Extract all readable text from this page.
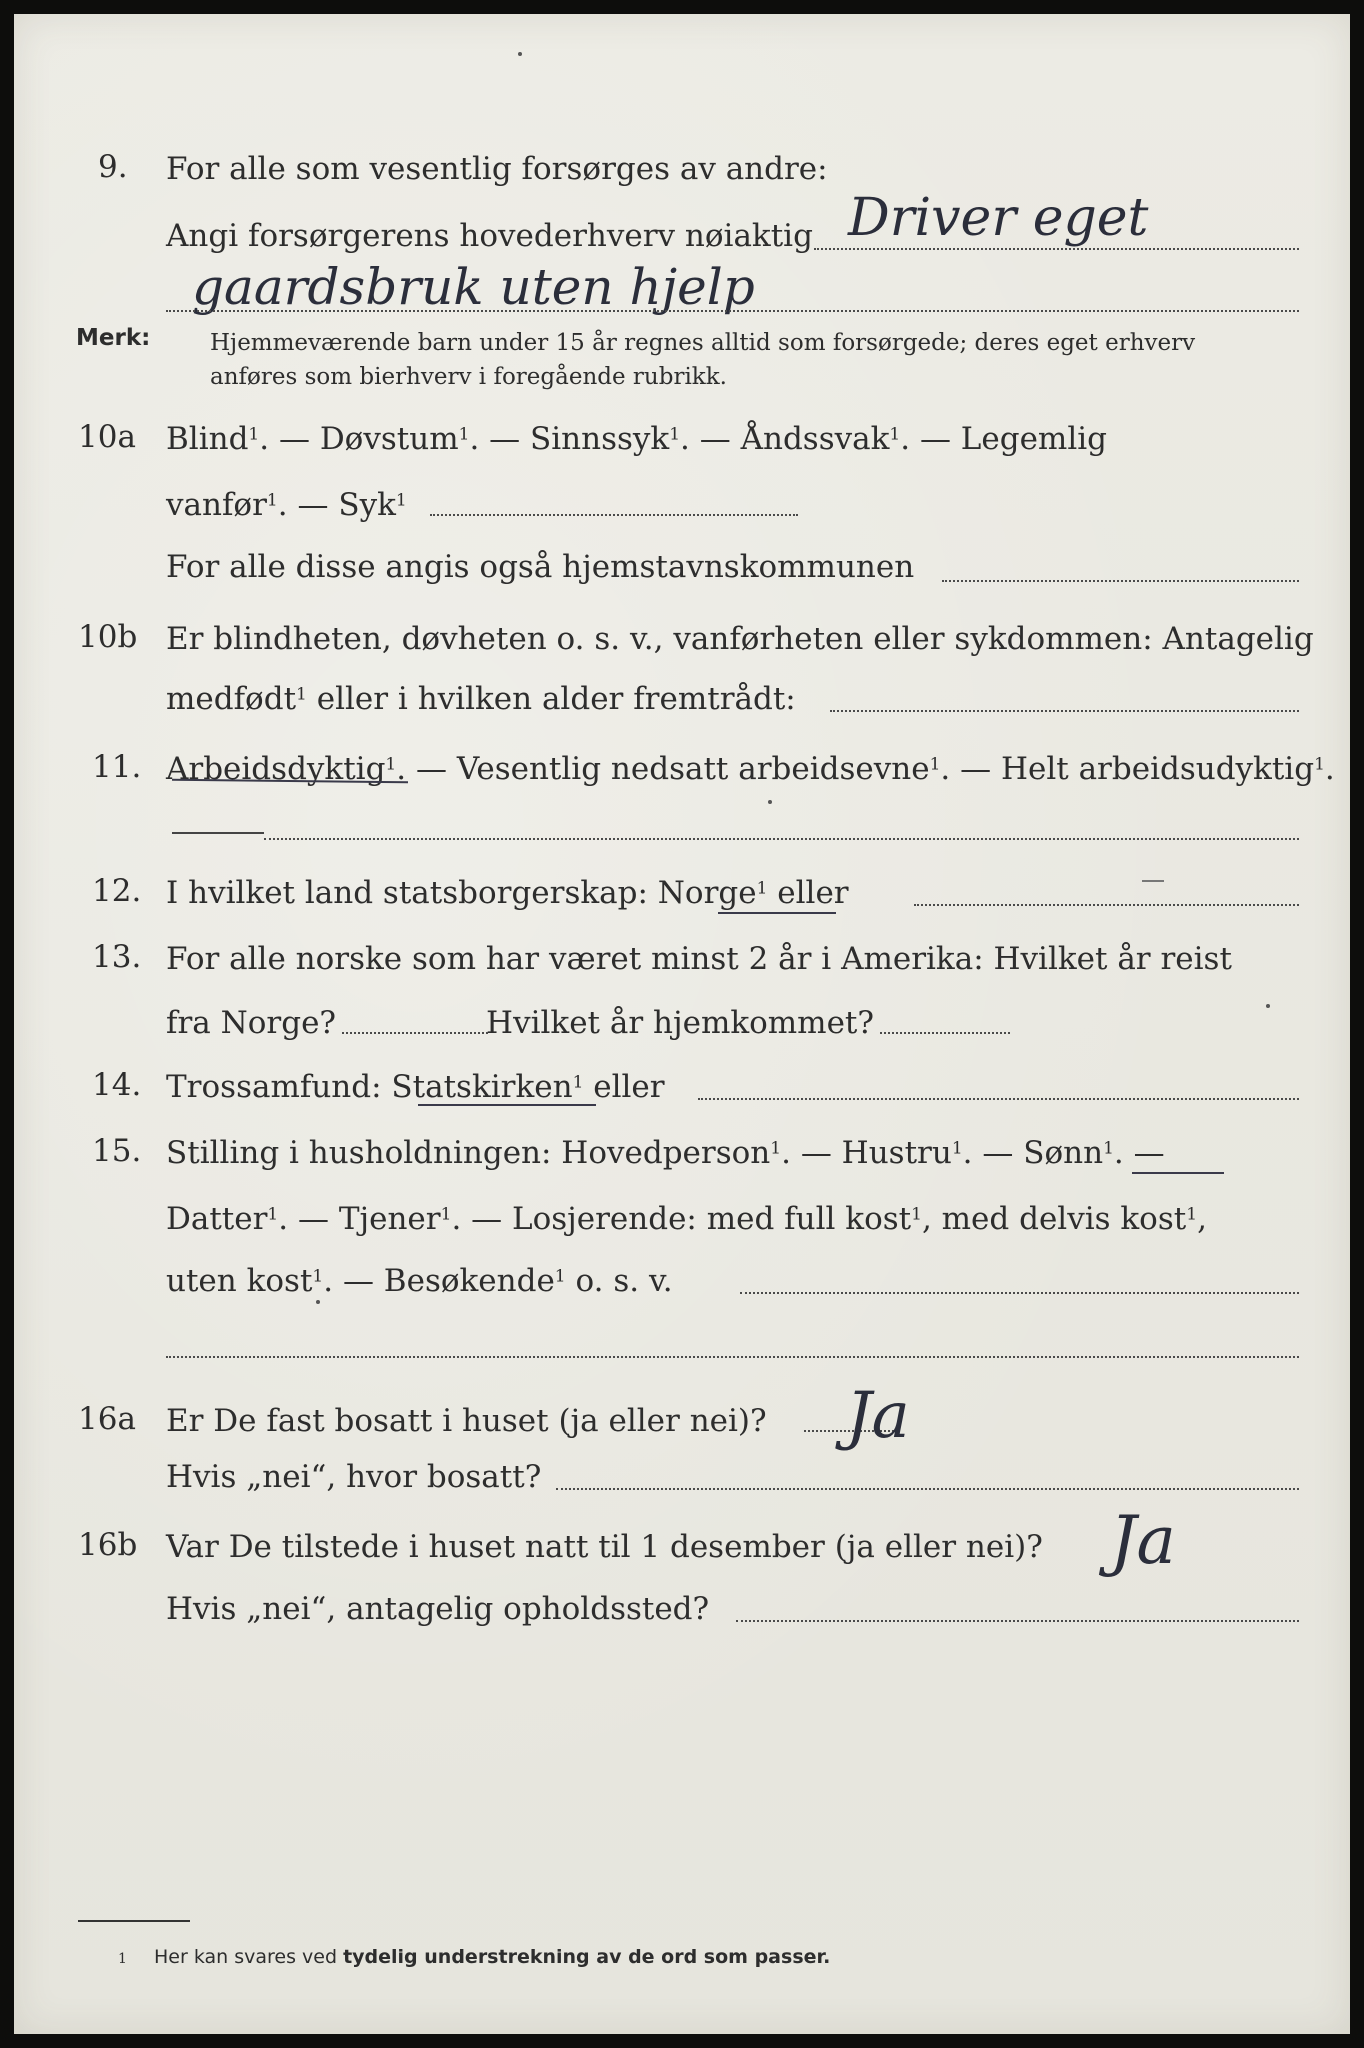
9. For alle som vesentlig forsørges av andre:
Angi forsørgerens hovederhverv nøiaktig Driver eget
gaardsbruk uten hjelp
Merk:	Hjemmeværende barn under 15 år regnes alltid som forsørgede; deres eget erhverv
anføres som bierhverv i foregående rubrikk.
10a Blind$^1$. — Døvstum$^1$. — Sinnssyk$^1$. — Åndssvak$^1$. — Legemlig
vanfør$^1$. — Syk$^1$
For alle disse angis også hjemstavnskommunen
10b Er blindheten, døvheten o. s. v., vanførheten eller sykdommen: Antagelig
medfødt$^1$ eller i hvilken alder fremtrådt:
11. Arbeidsdyktig$^1$. — Vesentlig nedsatt arbeidsevne$^1$. — Helt arbeidsudyktig$^1$.
12. I hvilket land statsborgerskap: Norge$^1$ eller
13. For alle norske som har været minst 2 år i Amerika: Hvilket år reist
fra Norge?	Hvilket år hjemkommet?
14. Trossamfund: Statskirken$^1$ eller
15. Stilling i husholdningen: Hovedperson$^1$. — Hustru$^1$. — Sønn$^1$. —
Datter$^1$. — Tjener$^1$. — Losjerende: med full kost$^1$, med delvis kost$^1$,
uten kost$^1$. — Besøkende$^1$ o. s. v.
16a Er De fast bosatt i huset (ja eller nei)? Ja
Hvis „nei“, hvor bosatt?
16b Var De tilstede i huset natt til 1 desember (ja eller nei)? Ja
Hvis „nei“, antagelig opholdssted?
1 Her kan svares ved tydelig understrekning av de ord som passer.
